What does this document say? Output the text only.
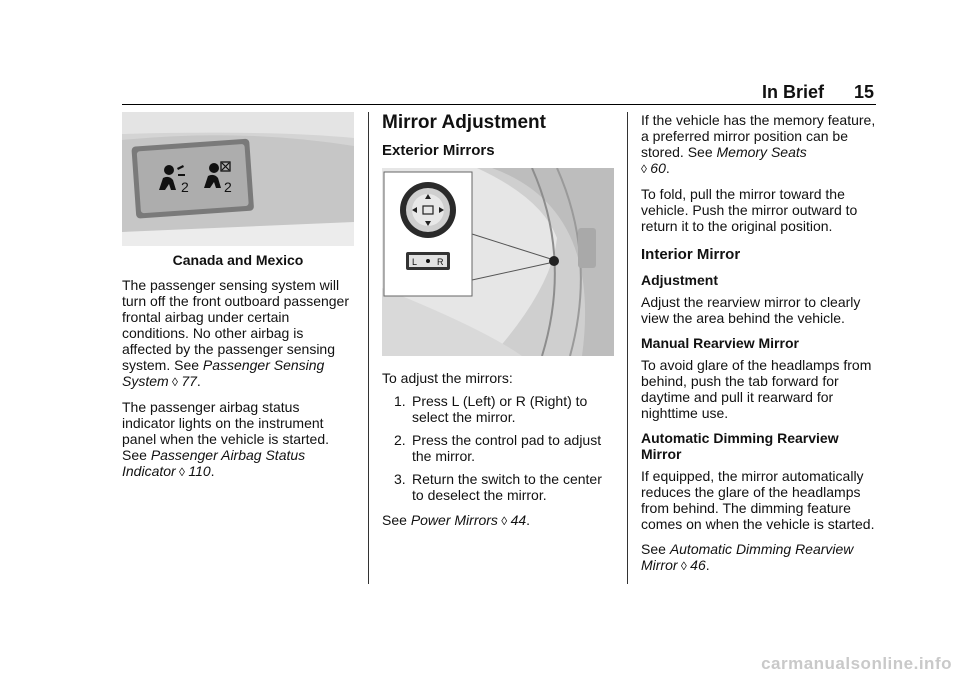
In Brief 15
2	2
Canada and Mexico

The passenger sensing system will turn off the front outboard passenger frontal airbag under certain conditions. No other airbag is affected by the passenger sensing system. See Passenger Sensing System ◊ 77.

The passenger airbag status indicator lights on the instrument panel when the vehicle is started. See Passenger Airbag Status Indicator ◊ 110.

Mirror Adjustment
Exterior Mirrors
L R

To adjust the mirrors:

1. Press L (Left) or R (Right) to select the mirror.
2. Press the control pad to adjust the mirror.
3. Return the switch to the center to deselect the mirror.

See Power Mirrors ◊ 44.

If the vehicle has the memory feature, a preferred mirror position can be stored. See Memory Seats
◊ 60.

To fold, pull the mirror toward the vehicle. Push the mirror outward to return it to the original position.

Interior Mirror
Adjustment

Adjust the rearview mirror to clearly view the area behind the vehicle.

Manual Rearview Mirror

To avoid glare of the headlamps from behind, push the tab forward for daytime and pull it rearward for nighttime use.

Automatic Dimming Rearview Mirror

If equipped, the mirror automatically reduces the glare of the headlamps from behind. The dimming feature comes on when the vehicle is started.

See Automatic Dimming Rearview Mirror ◊ 46.

carmanualsonline.info
